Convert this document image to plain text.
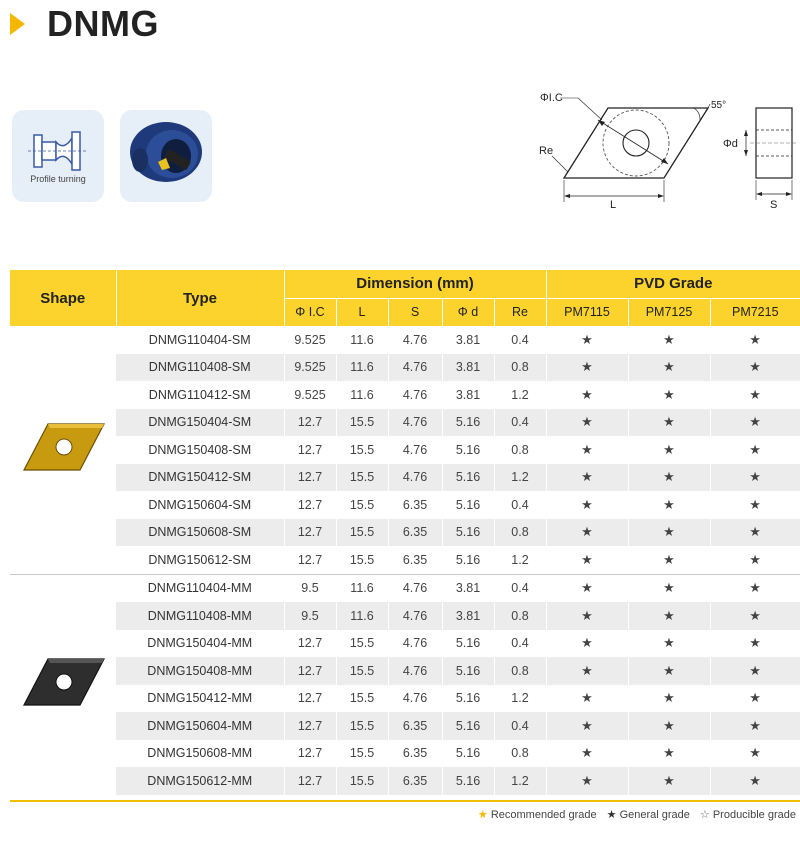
DNMG
Profile turning
ΦI.C
55°
Re
L
Φd
S
Shape	Type	Dimension (mm)					PVD Grade		
		Φ I.C	L	S	Φ d	Re	PM7115	PM7125	PM7215
	DNMG110404-SM	9.525	11.6	4.76	3.81	0.4	★	★	★
	DNMG110408-SM	9.525	11.6	4.76	3.81	0.8	★	★	★
	DNMG110412-SM	9.525	11.6	4.76	3.81	1.2	★	★	★
	DNMG150404-SM	12.7	15.5	4.76	5.16	0.4	★	★	★
	DNMG150408-SM	12.7	15.5	4.76	5.16	0.8	★	★	★
	DNMG150412-SM	12.7	15.5	4.76	5.16	1.2	★	★	★
	DNMG150604-SM	12.7	15.5	6.35	5.16	0.4	★	★	★
	DNMG150608-SM	12.7	15.5	6.35	5.16	0.8	★	★	★
	DNMG150612-SM	12.7	15.5	6.35	5.16	1.2	★	★	★
	DNMG110404-MM	9.5	11.6	4.76	3.81	0.4	★	★	★
	DNMG110408-MM	9.5	11.6	4.76	3.81	0.8	★	★	★
	DNMG150404-MM	12.7	15.5	4.76	5.16	0.4	★	★	★
	DNMG150408-MM	12.7	15.5	4.76	5.16	0.8	★	★	★
	DNMG150412-MM	12.7	15.5	4.76	5.16	1.2	★	★	★
	DNMG150604-MM	12.7	15.5	6.35	5.16	0.4	★	★	★
	DNMG150608-MM	12.7	15.5	6.35	5.16	0.8	★	★	★
	DNMG150612-MM	12.7	15.5	6.35	5.16	1.2	★	★	★
★ Recommended grade ★ General grade ☆ Producible grade
